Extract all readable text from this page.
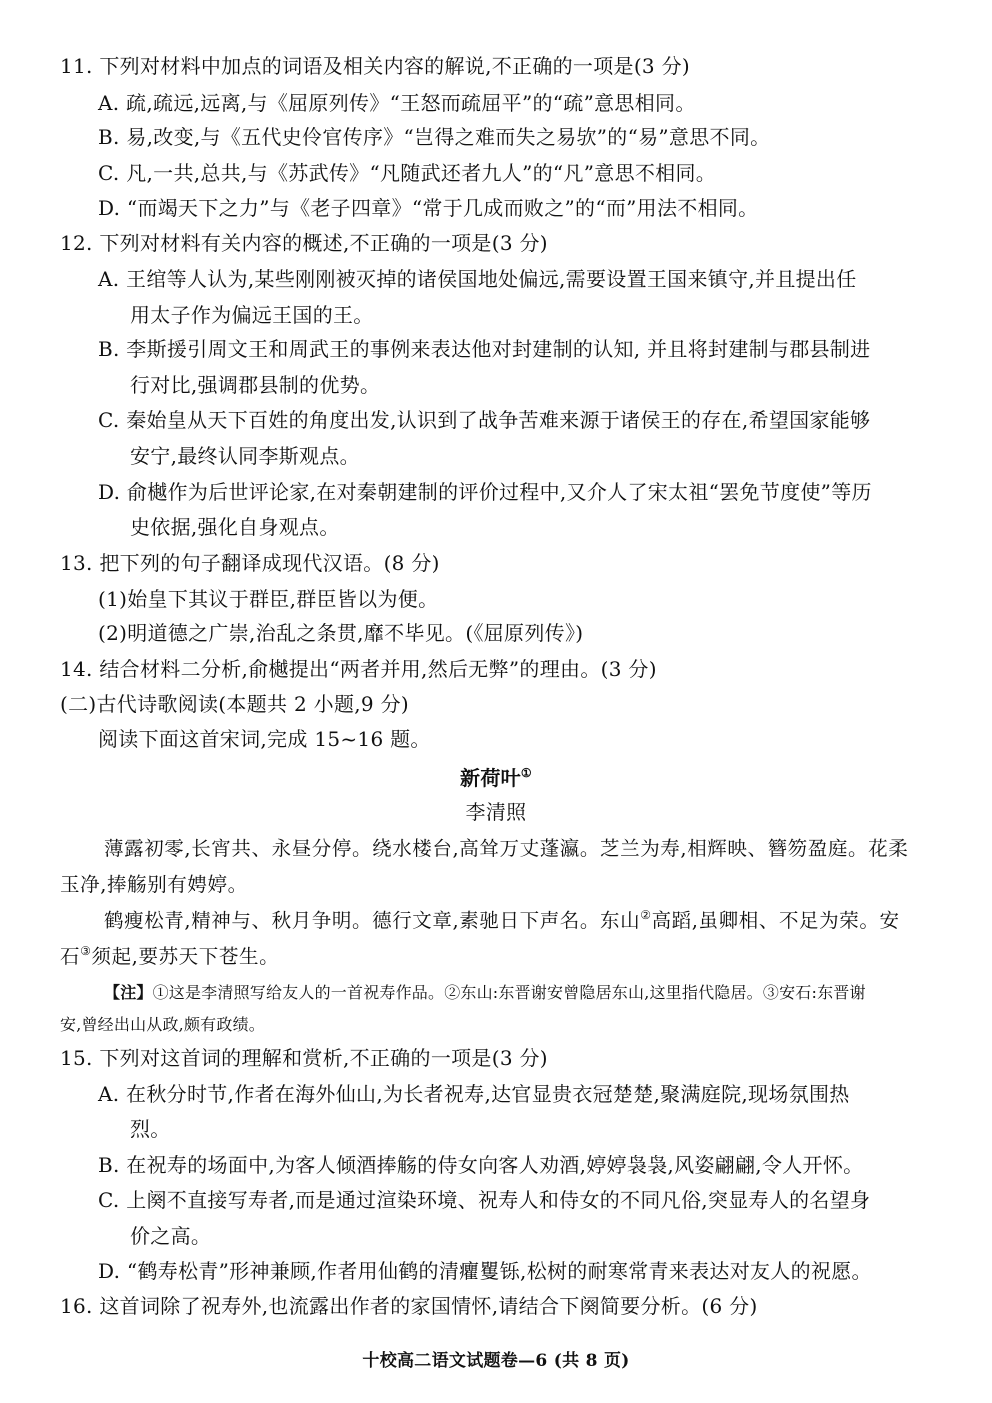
11. 下列对材料中加点的词语及相关内容的解说,不正确的一项是(3 分)
A. 疏,疏远,远离,与《屈原列传》“王怒而疏屈平”的“疏”意思相同。
B. 易,改变,与《五代史伶官传序》“岂得之难而失之易欤”的“易”意思不同。
C. 凡,一共,总共,与《苏武传》“凡随武还者九人”的“凡”意思不相同。
D. “而竭天下之力”与《老子四章》“常于几成而败之”的“而”用法不相同。
12. 下列对材料有关内容的概述,不正确的一项是(3 分)
A. 王绾等人认为,某些刚刚被灭掉的诸侯国地处偏远,需要设置王国来镇守,并且提出任
用太子作为偏远王国的王。
B. 李斯援引周文王和周武王的事例来表达他对封建制的认知, 并且将封建制与郡县制进
行对比,强调郡县制的优势。
C. 秦始皇从天下百姓的角度出发,认识到了战争苦难来源于诸侯王的存在,希望国家能够
安宁,最终认同李斯观点。
D. 俞樾作为后世评论家,在对秦朝建制的评价过程中,又介人了宋太祖“罢免节度使”等历
史依据,强化自身观点。
13. 把下列的句子翻译成现代汉语。(8 分)
(1)始皇下其议于群臣,群臣皆以为便。
(2)明道德之广崇,治乱之条贯,靡不毕见。(《屈原列传》)
14. 结合材料二分析,俞樾提出“两者并用,然后无弊”的理由。(3 分)
(二)古代诗歌阅读(本题共 2 小题,9 分)
阅读下面这首宋词,完成 15~16 题。
新荷叶①
李清照
薄露初零,长宵共、永昼分停。绕水楼台,高耸万丈蓬瀛。芝兰为寿,相辉映、簪笏盈庭。花柔
玉净,捧觞别有娉婷。
鹤瘦松青,精神与、秋月争明。德行文章,素驰日下声名。东山②高蹈,虽卿相、不足为荣。安
石③须起,要苏天下苍生。
【注】①这是李清照写给友人的一首祝寿作品。②东山:东晋谢安曾隐居东山,这里指代隐居。③安石:东晋谢
安,曾经出山从政,颇有政绩。
15. 下列对这首词的理解和赏析,不正确的一项是(3 分)
A. 在秋分时节,作者在海外仙山,为长者祝寿,达官显贵衣冠楚楚,聚满庭院,现场氛围热
烈。
B. 在祝寿的场面中,为客人倾酒捧觞的侍女向客人劝酒,婷婷袅袅,风姿翩翩,令人开怀。
C. 上阕不直接写寿者,而是通过渲染环境、祝寿人和侍女的不同凡俗,突显寿人的名望身
价之高。
D. “鹤寿松青”形神兼顾,作者用仙鹤的清癯矍铄,松树的耐寒常青来表达对友人的祝愿。
16. 这首词除了祝寿外,也流露出作者的家国情怀,请结合下阕简要分析。(6 分)
十校高二语文试题卷—6 (共 8 页)
